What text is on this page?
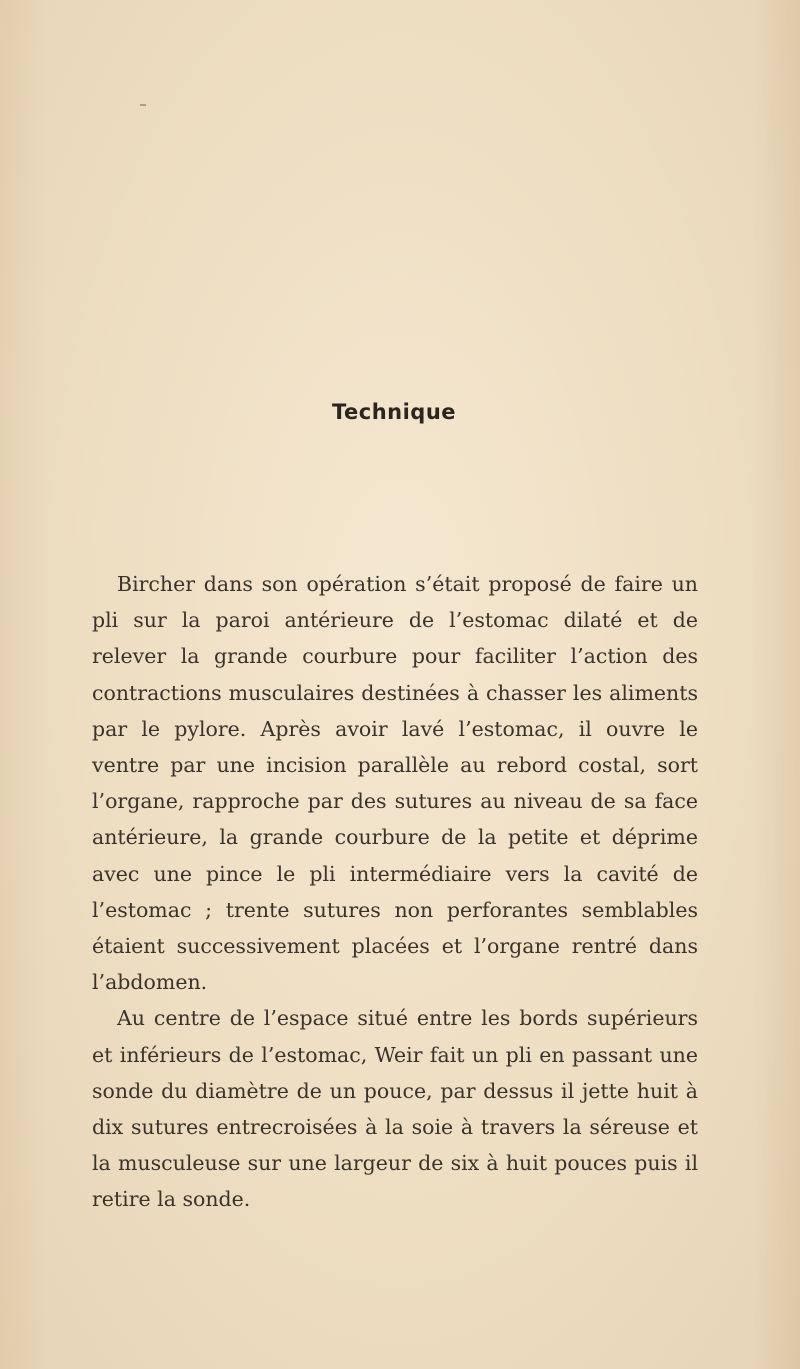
Technique

Bircher dans son opération s’était proposé de faire un pli sur la paroi antérieure de l’estomac dilaté et de relever la grande courbure pour faciliter l’action des contractions musculaires destinées à chasser les aliments par le pylore. Après avoir lavé l’estomac, il ouvre le ventre par une incision parallèle au rebord costal, sort l’organe, rapproche par des sutures au niveau de sa face antérieure, la grande courbure de la petite et déprime avec une pince le pli intermédiaire vers la cavité de l’estomac ; trente sutures non perforantes semblables étaient successivement placées et l’organe rentré dans l’abdomen.

Au centre de l’espace situé entre les bords supérieurs et inférieurs de l’estomac, Weir fait un pli en passant une sonde du diamètre de un pouce, par dessus il jette huit à dix sutures entrecroisées à la soie à travers la séreuse et la musculeuse sur une largeur de six à huit pouces puis il retire la sonde.
